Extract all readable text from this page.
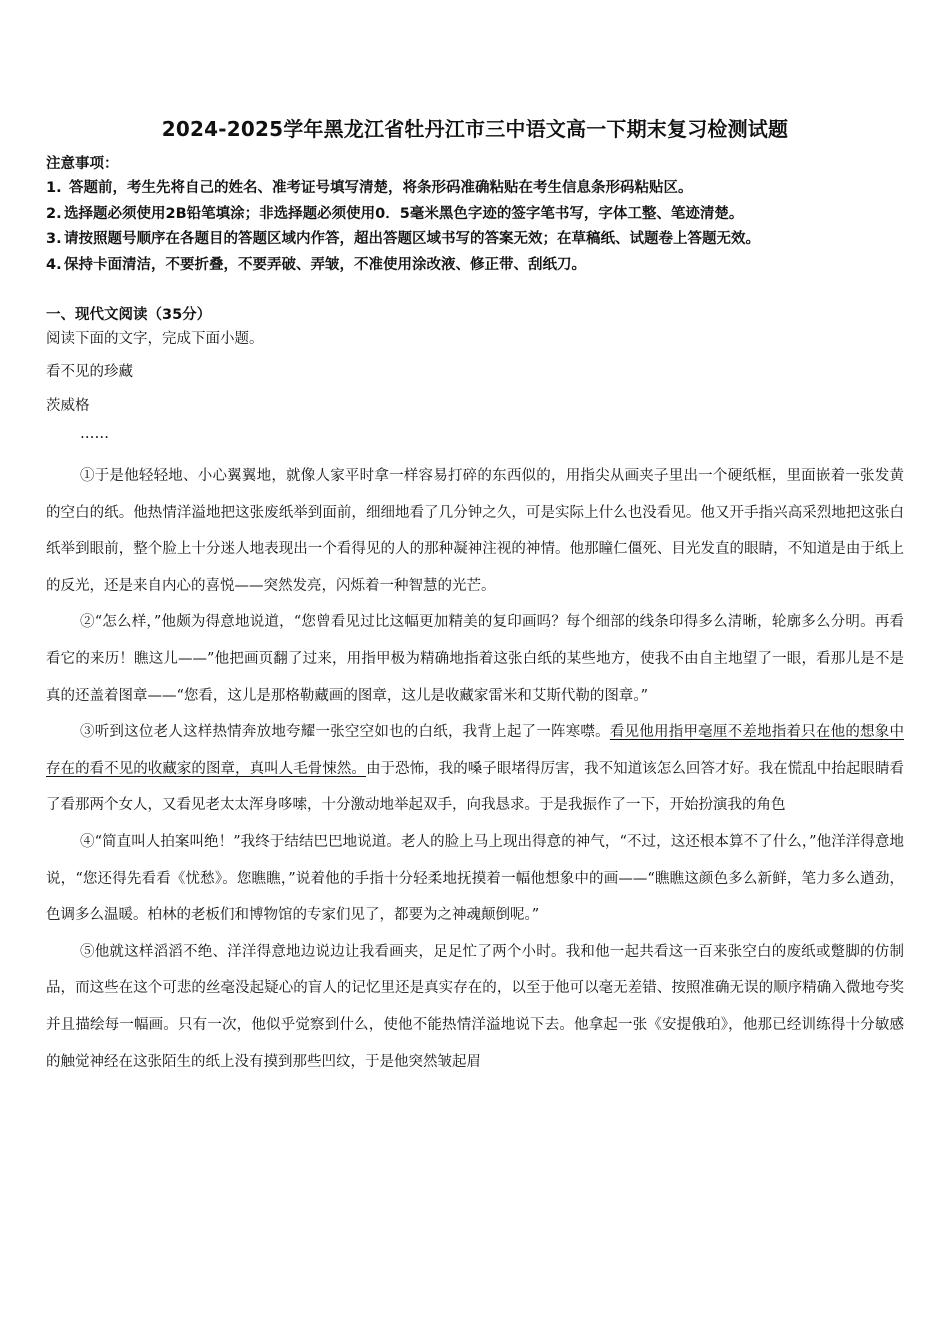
2024-2025学年黑龙江省牡丹江市三中语文高一下期末复习检测试题
注意事项：
1. 答题前，考生先将自己的姓名、准考证号填写清楚，将条形码准确粘贴在考生信息条形码粘贴区。
2. 选择题必须使用2B铅笔填涂；非选择题必须使用0．5毫米黑色字迹的签字笔书写，字体工整、笔迹清楚。
3. 请按照题号顺序在各题目的答题区域内作答，超出答题区域书写的答案无效；在草稿纸、试题卷上答题无效。
4. 保持卡面清洁，不要折叠，不要弄破、弄皱，不准使用涂改液、修正带、刮纸刀。
一、现代文阅读（35分）
阅读下面的文字，完成下面小题。
看不见的珍藏
茨威格
……

①于是他轻轻地、小心翼翼地，就像人家平时拿一样容易打碎的东西似的，用指尖从画夹子里出一个硬纸框，里面嵌着一张发黄的空白的纸。他热情洋溢地把这张废纸举到面前，细细地看了几分钟之久，可是实际上什么也没看见。他又开手指兴高采烈地把这张白纸举到眼前，整个脸上十分迷人地表现出一个看得见的人的那种凝神注视的神情。他那瞳仁僵死、目光发直的眼睛，不知道是由于纸上的反光，还是来自内心的喜悦——突然发亮，闪烁着一种智慧的光芒。

②“怎么样，”他颇为得意地说道，“您曾看见过比这幅更加精美的复印画吗？每个细部的线条印得多么清晰，轮廓多么分明。再看看它的来历！瞧这儿——”他把画页翻了过来，用指甲极为精确地指着这张白纸的某些地方，使我不由自主地望了一眼，看那儿是不是真的还盖着图章——“您看，这儿是那格勒藏画的图章，这儿是收藏家雷米和艾斯代勒的图章。”

③听到这位老人这样热情奔放地夸耀一张空空如也的白纸，我背上起了一阵寒噤。看见他用指甲毫厘不差地指着只在他的想象中存在的看不见的收藏家的图章，真叫人毛骨悚然。由于恐怖，我的嗓子眼堵得厉害，我不知道该怎么回答才好。我在慌乱中抬起眼睛看了看那两个女人，又看见老太太浑身哆嗦，十分激动地举起双手，向我恳求。于是我振作了一下，开始扮演我的角色

④“简直叫人拍案叫绝！”我终于结结巴巴地说道。老人的脸上马上现出得意的神气，“不过，这还根本算不了什么，”他洋洋得意地说，“您还得先看看《忧愁》。您瞧瞧，”说着他的手指十分轻柔地抚摸着一幅他想象中的画——“瞧瞧这颜色多么新鲜，笔力多么遒劲，色调多么温暖。柏林的老板们和博物馆的专家们见了，都要为之神魂颠倒呢。”

⑤他就这样滔滔不绝、洋洋得意地边说边让我看画夹，足足忙了两个小时。我和他一起共看这一百来张空白的废纸或蹩脚的仿制品，而这些在这个可悲的丝毫没起疑心的盲人的记忆里还是真实存在的，以至于他可以毫无差错、按照准确无误的顺序精确入微地夸奖并且描绘每一幅画。只有一次，他似乎觉察到什么，使他不能热情洋溢地说下去。他拿起一张《安提俄珀》，他那已经训练得十分敏感的触觉神经在这张陌生的纸上没有摸到那些凹纹，于是他突然皱起眉
